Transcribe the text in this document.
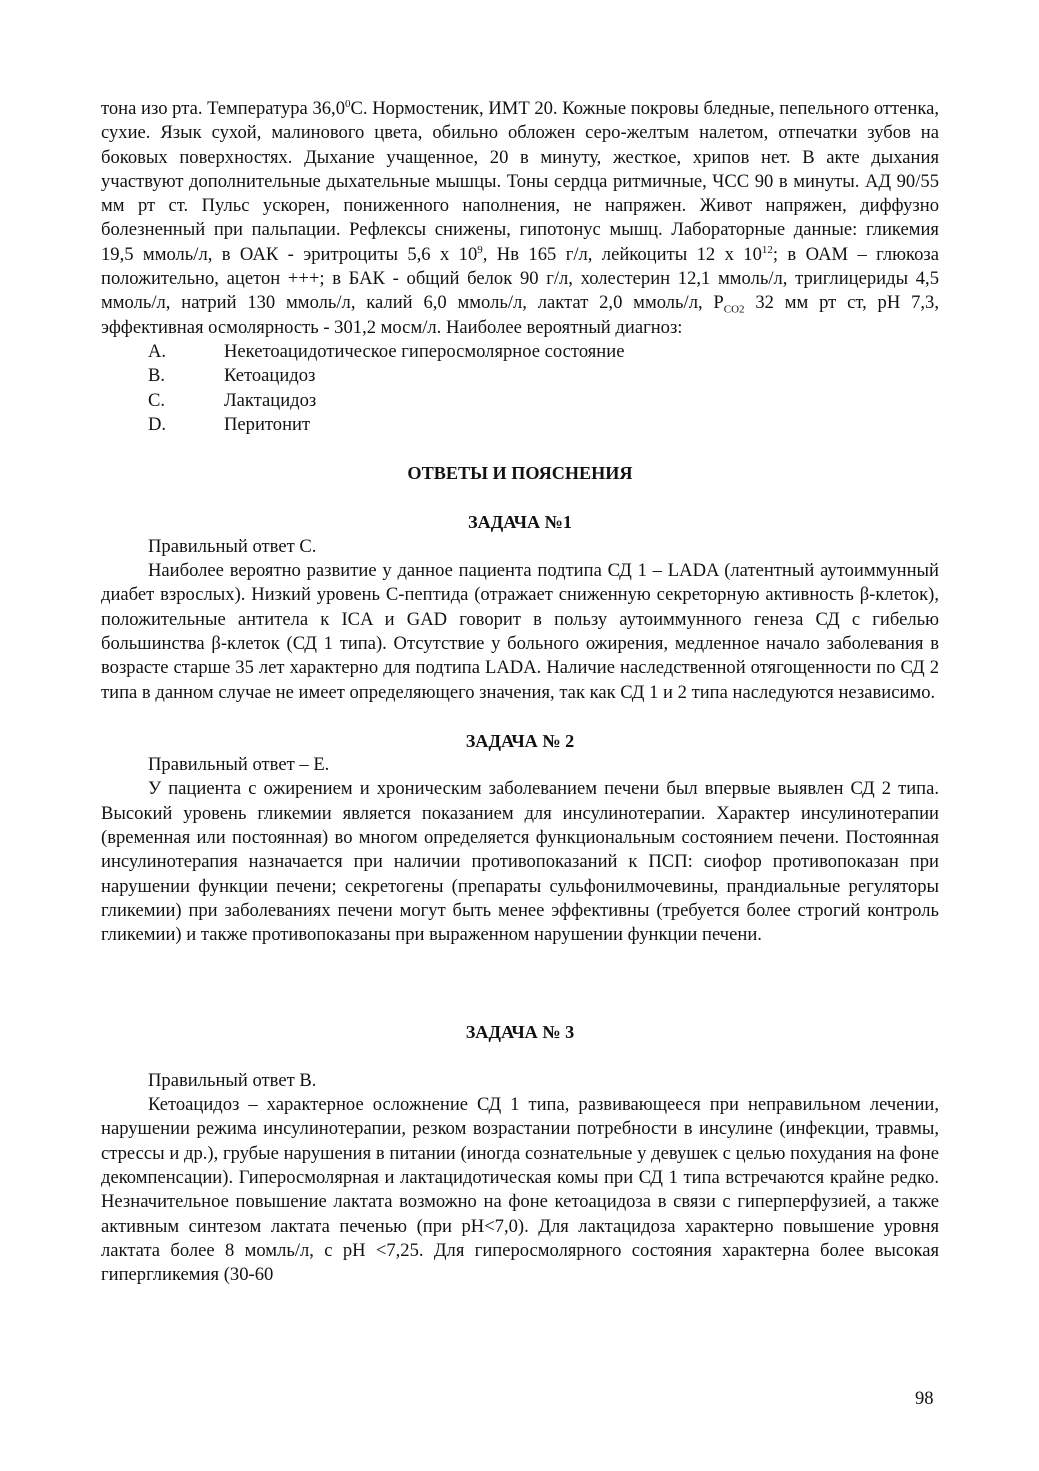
тона изо рта. Температура 36,0$^0$С. Нормостеник, ИМТ 20. Кожные покровы бледные, пепельного оттенка, сухие. Язык сухой, малинового цвета, обильно обложен серо-желтым налетом, отпечатки зубов на боковых поверхностях. Дыхание учащенное, 20 в минуту, жесткое, хрипов нет. В акте дыхания участвуют дополнительные дыхательные мышцы. Тоны сердца ритмичные, ЧСС 90 в минуты. АД 90/55 мм рт ст. Пульс ускорен, пониженного наполнения, не напряжен. Живот напряжен, диффузно болезненный при пальпации. Рефлексы снижены, гипотонус мышц. Лабораторные данные: гликемия 19,5 ммоль/л, в ОАК - эритроциты 5,6 х $10^9$, Нв 165 г/л, лейкоциты 12 х $10^{12}$; в ОАМ – глюкоза положительно, ацетон +++; в БАК - общий белок 90 г/л, холестерин 12,1 ммоль/л, триглицериды 4,5 ммоль/л, натрий 130 ммоль/л, калий 6,0 ммоль/л, лактат 2,0 ммоль/л, $Р_{CO2}$ 32 мм рт ст, рН 7,3, эффективная осмолярность - 301,2 мосм/л. Наиболее вероятный диагноз:

A.	Некетоацидотическое гиперосмолярное состояние
B.	Кетоацидоз
C.	Лактацидоз
D.	Перитонит
ОТВЕТЫ И ПОЯСНЕНИЯ
ЗАДАЧА №1

Правильный ответ С.

Наиболее вероятно развитие у данное пациента подтипа СД 1 – LADA (латентный аутоиммунный диабет взрослых). Низкий уровень С-пептида (отражает сниженную секреторную активность β-клеток), положительные антитела к ICA и GAD говорит в пользу аутоиммунного генеза СД с гибелью большинства β-клеток (СД 1 типа). Отсутствие у больного ожирения, медленное начало заболевания в возрасте старше 35 лет характерно для подтипа LADA. Наличие наследственной отягощенности по СД 2 типа в данном случае не имеет определяющего значения, так как СД 1 и 2 типа наследуются независимо.

ЗАДАЧА № 2

Правильный ответ – Е.

У пациента с ожирением и хроническим заболеванием печени был впервые выявлен СД 2 типа. Высокий уровень гликемии является показанием для инсулинотерапии. Характер инсулинотерапии (временная или постоянная) во многом определяется функциональным состоянием печени. Постоянная инсулинотерапия назначается при наличии противопоказаний к ПСП: сиофор противопоказан при нарушении функции печени; секретогены (препараты сульфонилмочевины, прандиальные регуляторы гликемии) при заболеваниях печени могут быть менее эффективны (требуется более строгий контроль гликемии) и также противопоказаны при выраженном нарушении функции печени.

ЗАДАЧА № 3

Правильный ответ В.

Кетоацидоз – характерное осложнение СД 1 типа, развивающееся при неправильном лечении, нарушении режима инсулинотерапии, резком возрастании потребности в инсулине (инфекции, травмы, стрессы и др.), грубые нарушения в питании (иногда сознательные у девушек с целью похудания на фоне декомпенсации). Гиперосмолярная и лактацидотическая комы при СД 1 типа встречаются крайне редко. Незначительное повышение лактата возможно на фоне кетоацидоза в связи с гиперперфузией, а также активным синтезом лактата печенью (при рН<7,0). Для лактацидоза характерно повышение уровня лактата более 8 момль/л, с рН <7,25. Для гиперосмолярного состояния характерна более высокая гипергликемия (30-60

98
